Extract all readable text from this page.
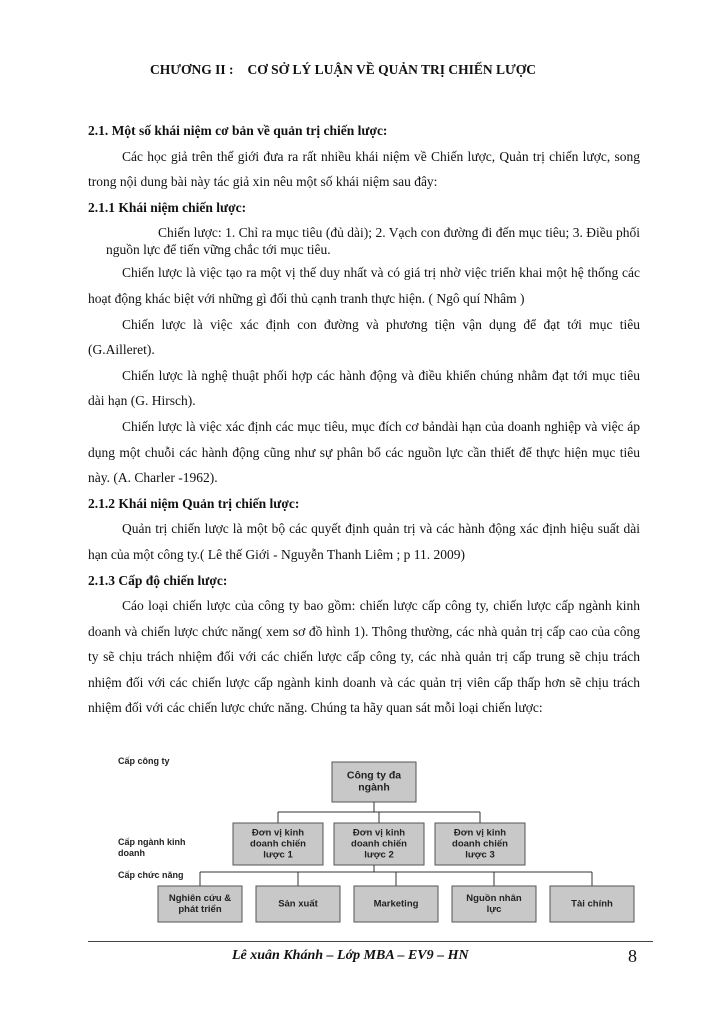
CHƯƠNG II : CƠ SỞ LÝ LUẬN VỀ QUẢN TRỊ CHIẾN LƯỢC

2.1. Một số khái niệm cơ bản về quản trị chiến lược:

Các học giả trên thế giới đưa ra rất nhiều khái niệm về Chiến lược, Quản trị chiến lược, song trong nội dung bài này tác giả xin nêu một số khái niệm sau đây:

2.1.1 Khái niệm chiến lược:

Chiến lược: 1. Chỉ ra mục tiêu (đủ dài); 2. Vạch con đường đi đến mục tiêu; 3. Điều phối nguồn lực để tiến vững chắc tới mục tiêu.

Chiến lược là việc tạo ra một vị thế duy nhất và có giá trị nhờ việc triển khai một hệ thống các hoạt động khác biệt với những gì đối thủ cạnh tranh thực hiện. ( Ngô quí Nhâm )

Chiến lược là việc xác định con đường và phương tiện vận dụng để đạt tới mục tiêu (G.Ailleret).

Chiến lược là nghệ thuật phối hợp các hành động và điều khiển chúng nhằm đạt tới mục tiêu dài hạn (G. Hirsch).

Chiến lược là việc xác định các mục tiêu, mục đích cơ bảndài hạn của doanh nghiệp và việc áp dụng một chuỗi các hành động cũng như sự phân bổ các nguồn lực cần thiết để thực hiện mục tiêu này. (A. Charler -1962).

2.1.2 Khái niệm Quản trị chiến lược:

Quản trị chiến lược là một bộ các quyết định quản trị và các hành động xác định hiệu suất dài hạn của một công ty.( Lê thế Giới - Nguyễn Thanh Liêm ; p 11. 2009)

2.1.3 Cấp độ chiến lược:

Cáo loại chiến lược của công ty bao gồm: chiến lược cấp công ty, chiến lược cấp ngành kinh doanh và chiến lược chức năng( xem sơ đồ hình 1). Thông thường, các nhà quản trị cấp cao của công ty sẽ chịu trách nhiệm đối với các chiến lược cấp công ty, các nhà quản trị cấp trung sẽ chịu trách nhiệm đối với các chiến lược cấp ngành kinh doanh và các quản trị viên cấp thấp hơn sẽ chịu trách nhiệm đối với các chiến lược chức năng. Chúng ta hãy quan sát mỗi loại chiến lược:

Cấp công ty
Cấp ngành kinh
doanh
Cấp chức năng
Công ty đa
ngành
Đơn vị kinh
doanh chiến
lược 1
Đơn vị kinh
doanh chiến
lược 2
Đơn vị kinh
doanh chiến
lược 3
Nghiên cứu &
phát triển	Sản xuất	Marketing	Nguồn nhân
lực	Tài chính
Lê xuân Khánh – Lớp MBA – EV9 – HN	8
